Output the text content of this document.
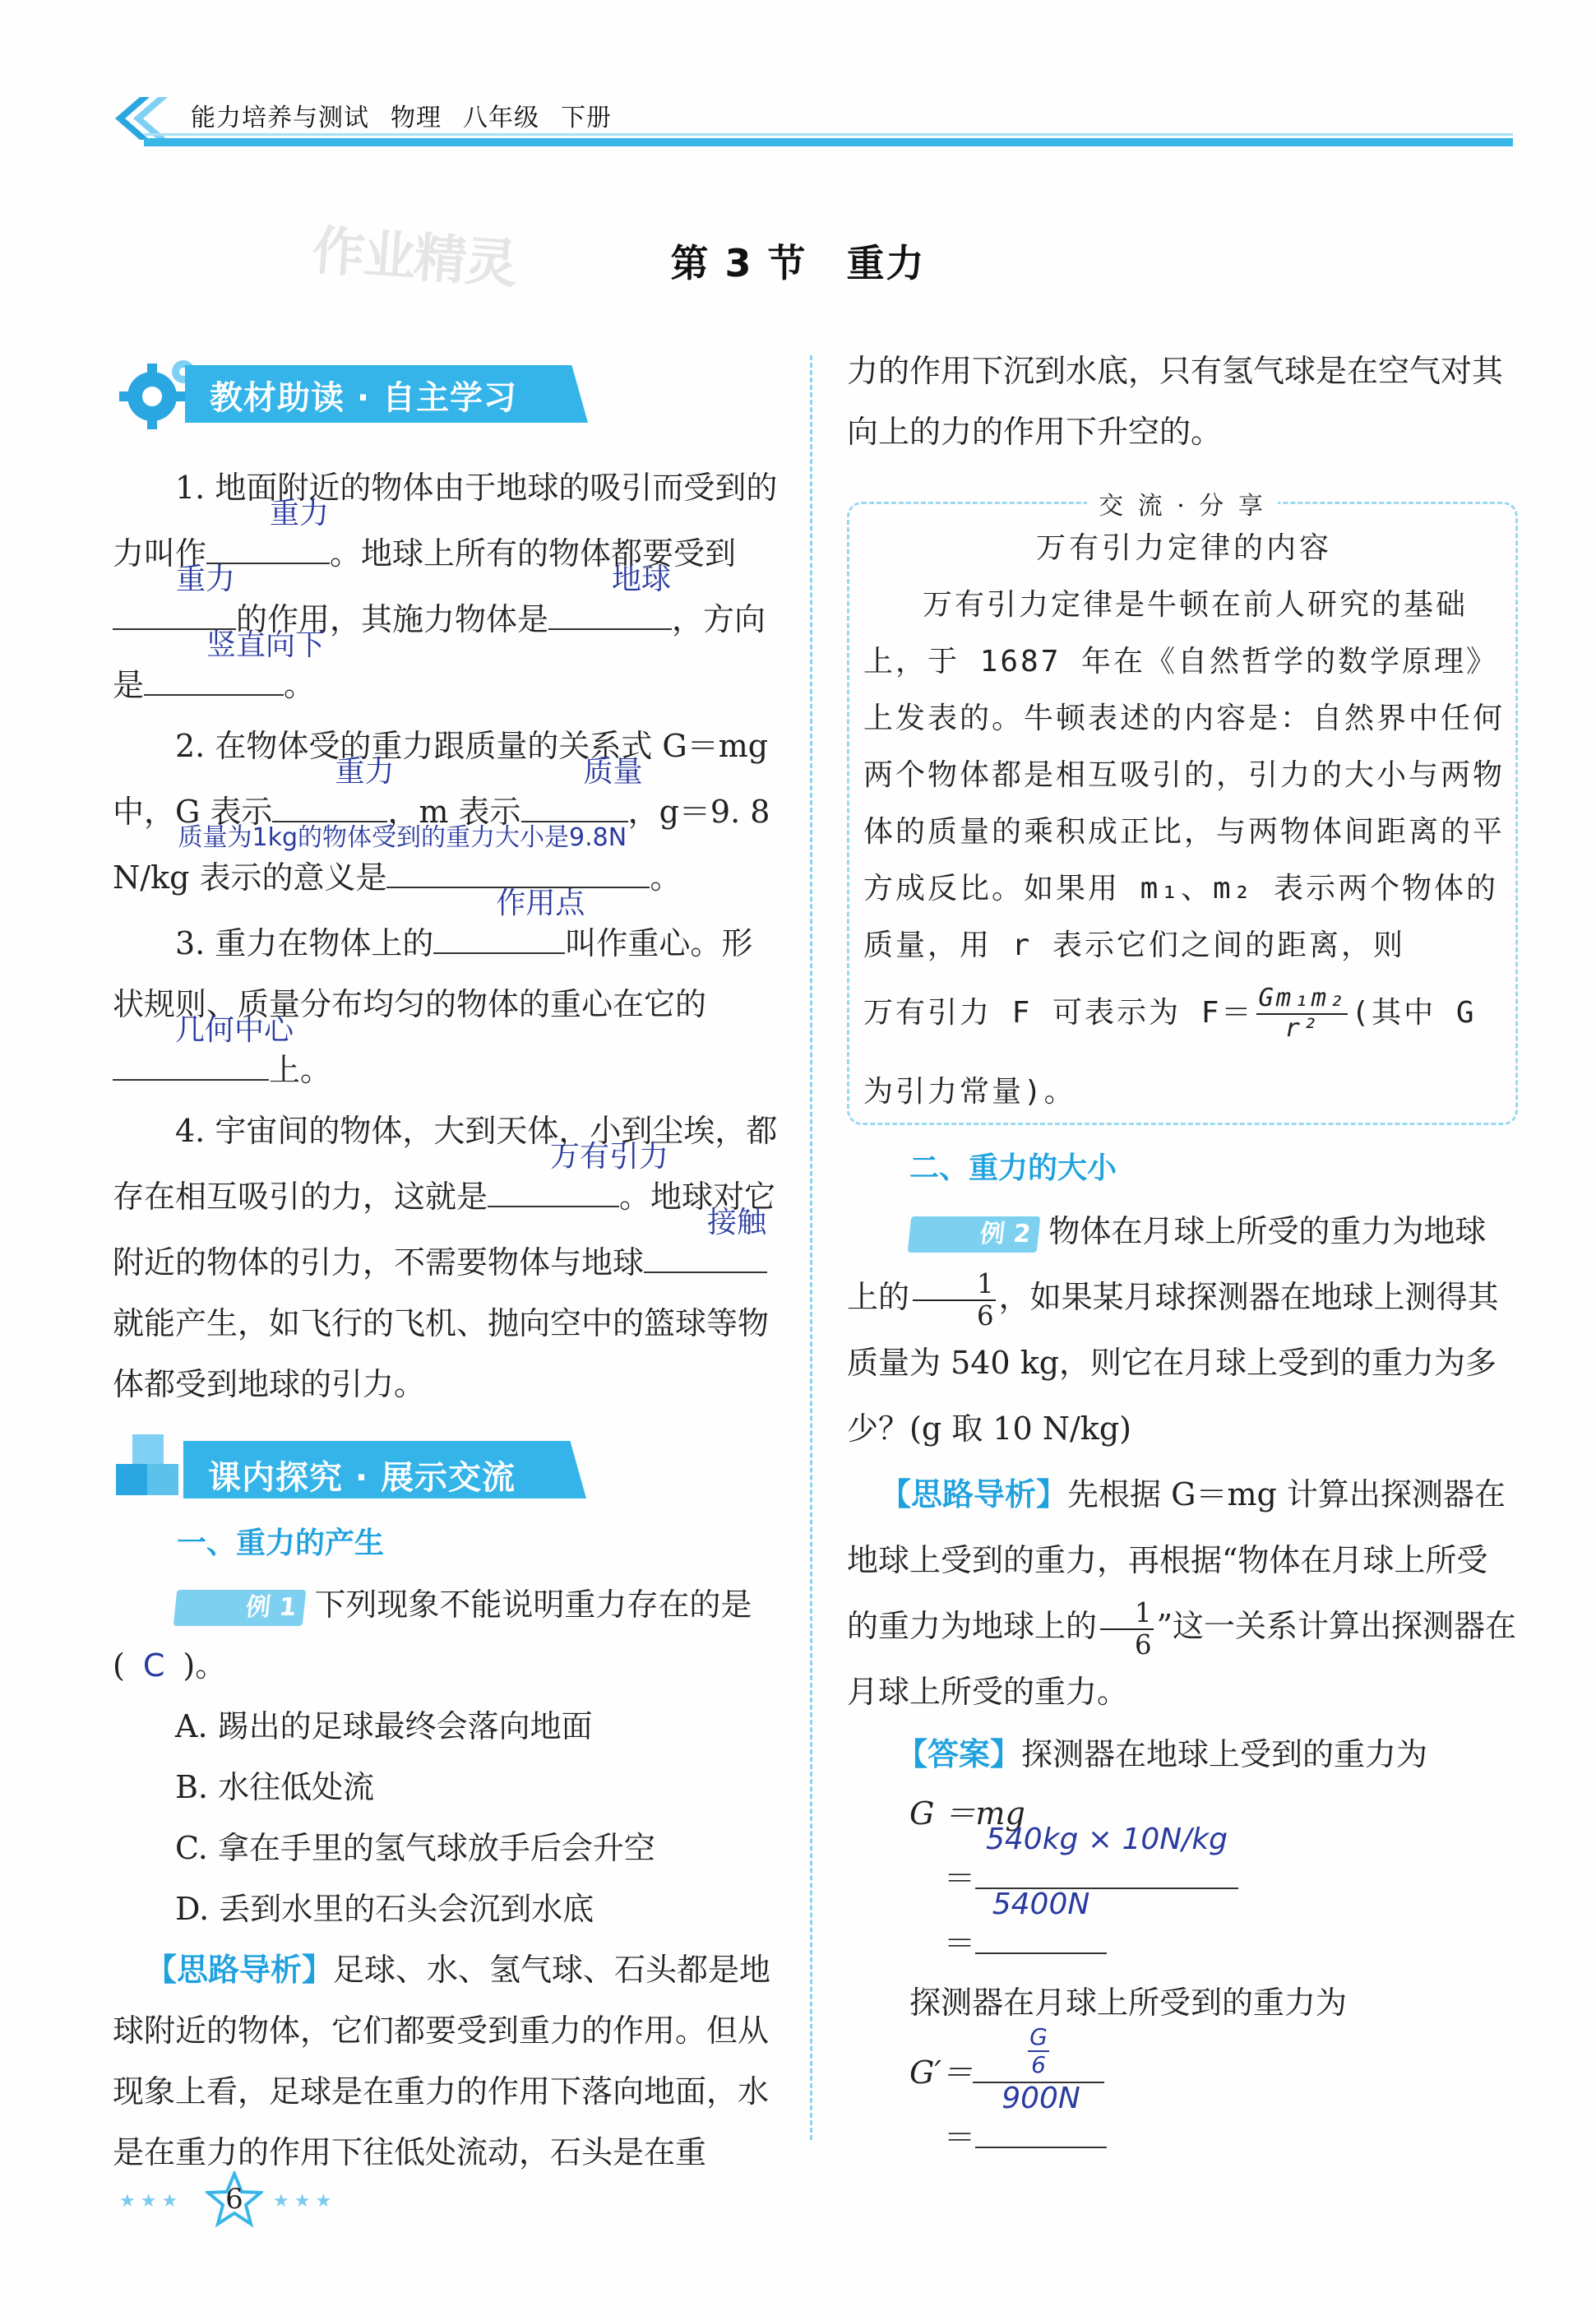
能力培养与测试 物理 八年级 下册
作业精灵	第 3 节　重力
教材助读 · 自主学习

1. 地面附近的物体由于地球的吸引而受到的力叫作
重力
。地球上所有的物体都要受到
重力
的作用，其施力物体是
地球
，方向是
竖直向下
。

2. 在物体受的重力跟质量的关系式 G＝mg 中，G 表示
重力
，m 表示
质量
，g＝9. 8 N/kg 表示的意义是
质量为1kg的物体受到的重力大小是9.8N
。

3. 重力在物体上的
作用点
叫作重心。形状规则、质量分布均匀的物体的重心在它的
几何中心
上。

4. 宇宙间的物体，大到天体，小到尘埃，都存在相互吸引的力，这就是
万有引力
。地球对它附近的物体的引力，不需要物体与地球
接触
就能产生，如飞行的飞机、抛向空中的篮球等物体都受到地球的引力。

课内探究 · 展示交流

一、重力的产生

例 1 下列现象不能说明重力存在的是( C )。

A. 踢出的足球最终会落向地面

B. 水往低处流

C. 拿在手里的氢气球放手后会升空

D. 丢到水里的石头会沉到水底

【思路导析】足球、水、氢气球、石头都是地球附近的物体，它们都要受到重力的作用。但从现象上看，足球是在重力的作用下落向地面，水是在重力的作用下往低处流动，石头是在重

力的作用下沉到水底，只有氢气球是在空气对其向上的力的作用下升空的。

交 流 · 分 享

万有引力定律的内容

万有引力定律是牛顿在前人研究的基础上，于 1687 年在《自然哲学的数学原理》上发表的。牛顿表述的内容是：自然界中任何两个物体都是相互吸引的，引力的大小与两物体的质量的乘积成正比，与两物体间距离的平方成反比。如果用 m₁、m₂ 表示两个物体的质量，用 r 表示它们之间的距离，则

万有引力 F 可表示为 $F= \frac{\text{Gm₁m₂}}{\text{r²}}$ (其中 G 为引力常量)。

二、重力的大小

例 2 物体在月球上所受的重力为地球上的 $\frac{1}{6}$ ，如果某月球探测器在地球上测得其质量为 540 kg，则它在月球上受到的重力为多少？(g 取 10 N/kg)

【思路导析】先根据 G＝mg 计算出探测器在地球上受到的重力，再根据“物体在月球上所受的重力为地球上的 $\frac{1}{6}$ ”这一关系计算出探测器在月球上所受的重力。

【答案】探测器在地球上受到的重力为

G ＝mg

＝
540kg × 10N/kg

＝
5400N

探测器在月球上所受到的重力为

$G'= \frac{G}{6}$

＝
900N

★★★	6	★★★
